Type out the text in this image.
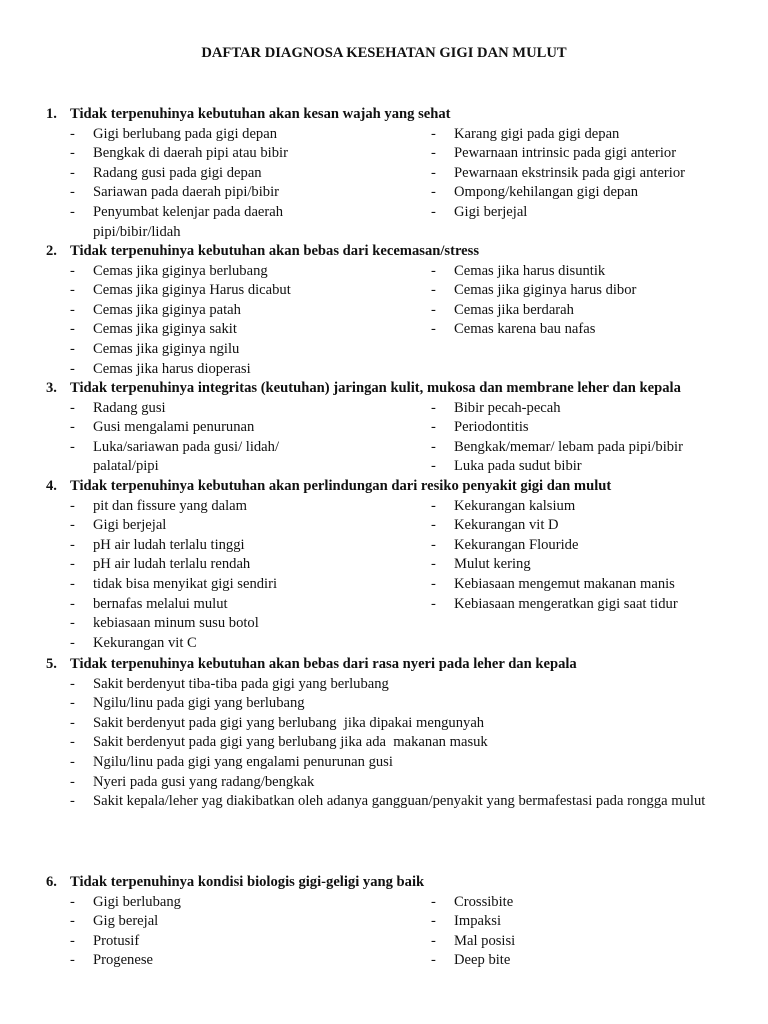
DAFTAR DIAGNOSA KESEHATAN GIGI DAN MULUT
1. Tidak terpenuhinya kebutuhan akan kesan wajah yang sehat
- Gigi berlubang pada gigi depan
- Bengkak di daerah pipi atau bibir
- Radang gusi pada gigi depan
- Sariawan pada daerah pipi/bibir
- Penyumbat kelenjar pada daerah pipi/bibir/lidah
- Karang gigi pada gigi depan
- Pewarnaan intrinsic pada gigi anterior
- Pewarnaan ekstrinsik pada gigi anterior
- Ompong/kehilangan gigi depan
- Gigi berjejal
2. Tidak terpenuhinya kebutuhan akan bebas dari kecemasan/stress
- Cemas jika giginya berlubang
- Cemas jika giginya Harus dicabut
- Cemas jika giginya patah
- Cemas jika giginya sakit
- Cemas jika giginya ngilu
- Cemas jika harus dioperasi
- Cemas jika harus disuntik
- Cemas jika giginya harus dibor
- Cemas jika berdarah
- Cemas karena bau nafas
3. Tidak terpenuhinya integritas (keutuhan) jaringan kulit, mukosa dan membrane leher dan kepala
- Radang gusi
- Gusi mengalami penurunan
- Luka/sariawan pada gusi/ lidah/ palatal/pipi
- Bibir pecah-pecah
- Periodontitis
- Bengkak/memar/ lebam pada pipi/bibir
- Luka pada sudut bibir
4. Tidak terpenuhinya kebutuhan akan perlindungan dari resiko penyakit gigi dan mulut
- pit dan fissure yang dalam
- Gigi berjejal
- pH air ludah terlalu tinggi
- pH air ludah terlalu rendah
- tidak bisa menyikat gigi sendiri
- bernafas melalui mulut
- kebiasaan minum susu botol
- Kekurangan vit C
- Kekurangan kalsium
- Kekurangan vit D
- Kekurangan Flouride
- Mulut kering
- Kebiasaan mengemut makanan manis
- Kebiasaan mengeratkan gigi saat tidur
5. Tidak terpenuhinya kebutuhan akan bebas dari rasa nyeri pada leher dan kepala
- Sakit berdenyut tiba-tiba pada gigi yang berlubang
- Ngilu/linu pada gigi yang berlubang
- Sakit berdenyut pada gigi yang berlubang  jika dipakai mengunyah
- Sakit berdenyut pada gigi yang berlubang jika ada  makanan masuk
- Ngilu/linu pada gigi yang engalami penurunan gusi
- Nyeri pada gusi yang radang/bengkak
- Sakit kepala/leher yag diakibatkan oleh adanya gangguan/penyakit yang bermafestasi pada rongga mulut
6. Tidak terpenuhinya kondisi biologis gigi-geligi yang baik
- Gigi berlubang
- Gig berejal
- Protusif
- Progenese
- Crossibite
- Impaksi
- Mal posisi
- Deep bite
